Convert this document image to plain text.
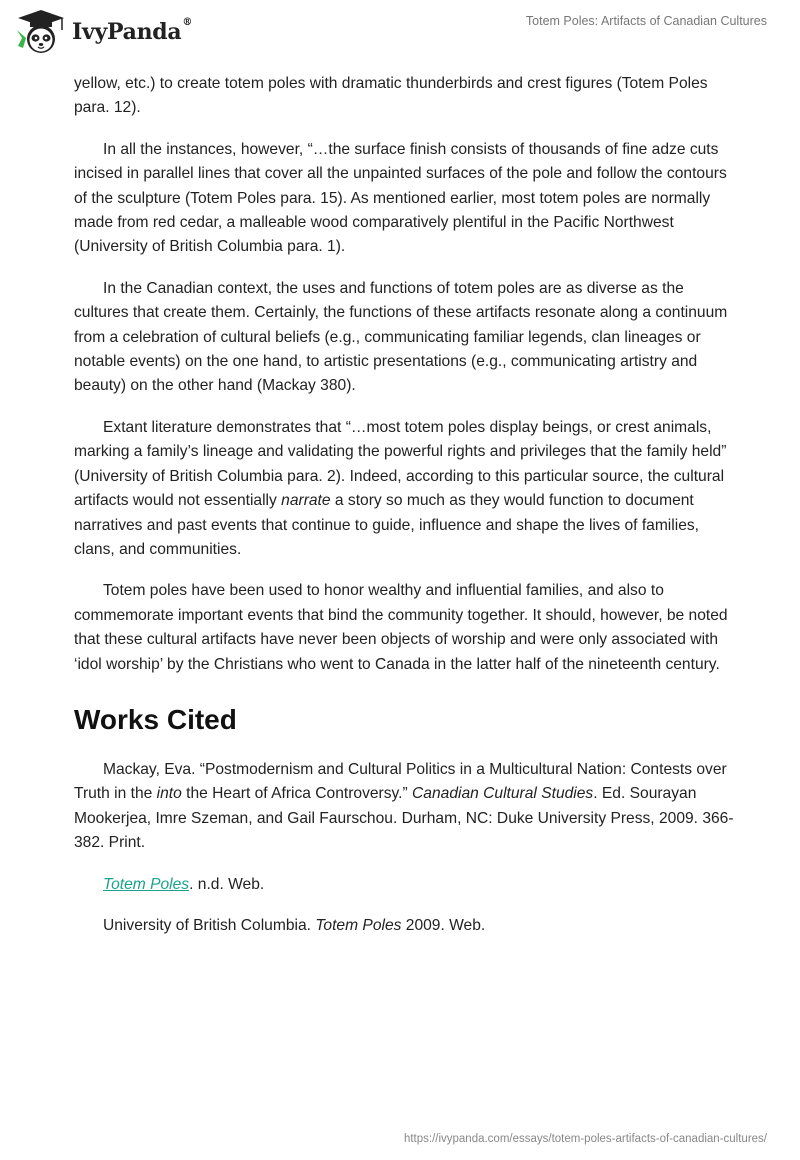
IvyPanda®	Totem Poles: Artifacts of Canadian Cultures

yellow, etc.) to create totem poles with dramatic thunderbirds and crest figures (Totem Poles para. 12).

In all the instances, however, “…the surface finish consists of thousands of fine adze cuts incised in parallel lines that cover all the unpainted surfaces of the pole and follow the contours of the sculpture (Totem Poles para. 15). As mentioned earlier, most totem poles are normally made from red cedar, a malleable wood comparatively plentiful in the Pacific Northwest (University of British Columbia para. 1).

In the Canadian context, the uses and functions of totem poles are as diverse as the cultures that create them. Certainly, the functions of these artifacts resonate along a continuum from a celebration of cultural beliefs (e.g., communicating familiar legends, clan lineages or notable events) on the one hand, to artistic presentations (e.g., communicating artistry and beauty) on the other hand (Mackay 380).

Extant literature demonstrates that “…most totem poles display beings, or crest animals, marking a family’s lineage and validating the powerful rights and privileges that the family held” (University of British Columbia para. 2). Indeed, according to this particular source, the cultural artifacts would not essentially narrate a story so much as they would function to document narratives and past events that continue to guide, influence and shape the lives of families, clans, and communities.

Totem poles have been used to honor wealthy and influential families, and also to commemorate important events that bind the community together. It should, however, be noted that these cultural artifacts have never been objects of worship and were only associated with ‘idol worship’ by the Christians who went to Canada in the latter half of the nineteenth century.

Works Cited

Mackay, Eva. “Postmodernism and Cultural Politics in a Multicultural Nation: Contests over Truth in the into the Heart of Africa Controversy.” Canadian Cultural Studies. Ed. Sourayan Mookerjea, Imre Szeman, and Gail Faurschou. Durham, NC: Duke University Press, 2009. 366-382. Print.

Totem Poles. n.d. Web.

University of British Columbia. Totem Poles 2009. Web.

https://ivypanda.com/essays/totem-poles-artifacts-of-canadian-cultures/
